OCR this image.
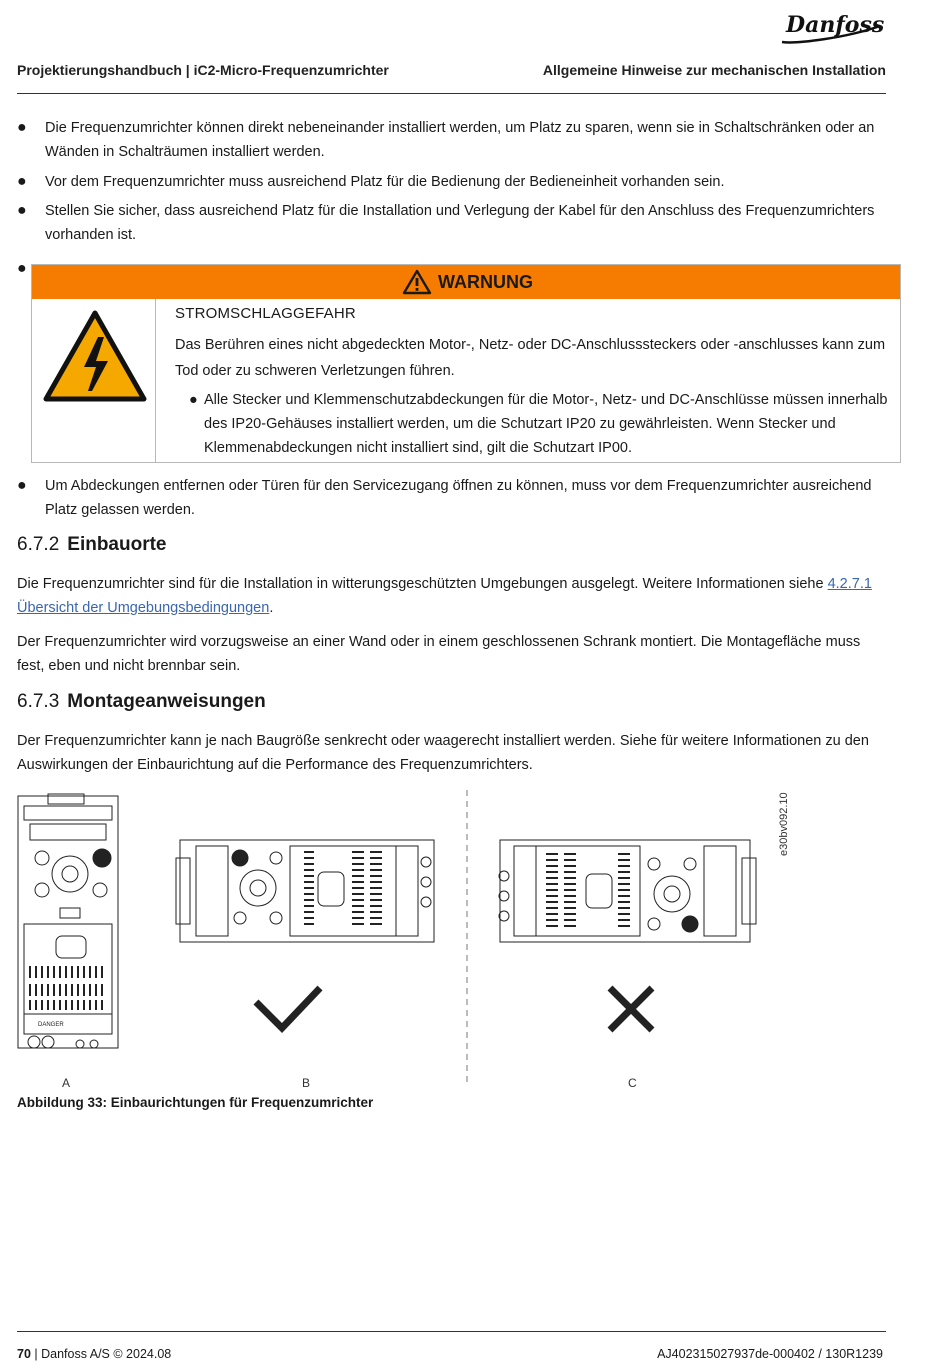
Danfoss
Projektierungshandbuch | iC2-Micro-Frequenzumrichter	Allgemeine Hinweise zur mechanischen Installation
● Die Frequenzumrichter können direkt nebeneinander installiert werden, um Platz zu sparen, wenn sie in Schaltschränken oder an Wänden in Schalträumen installiert werden.
● Vor dem Frequenzumrichter muss ausreichend Platz für die Bedienung der Bedieneinheit vorhanden sein.
● Stellen Sie sicher, dass ausreichend Platz für die Installation und Verlegung der Kabel für den Anschluss des Frequenzumrichters vorhanden ist.
●
WARNUNG
STROMSCHLAGGEFAHR
Das Berühren eines nicht abgedeckten Motor-, Netz- oder DC-Anschlusssteckers oder -anschlusses kann zum Tod oder zu schweren Verletzungen führen.
● Alle Stecker und Klemmenschutzabdeckungen für die Motor-, Netz- und DC-Anschlüsse müssen innerhalb des IP20-Gehäuses installiert werden, um die Schutzart IP20 zu gewährleisten. Wenn Stecker und Klemmenabdeckungen nicht installiert sind, gilt die Schutzart IP00.
● Um Abdeckungen entfernen oder Türen für den Servicezugang öffnen zu können, muss vor dem Frequenzumrichter ausreichend Platz gelassen werden.
6.7.2 Einbauorte
Die Frequenzumrichter sind für die Installation in witterungsgeschützten Umgebungen ausgelegt. Weitere Informationen siehe 4.2.7.1 Übersicht der Umgebungsbedingungen.
Der Frequenzumrichter wird vorzugsweise an einer Wand oder in einem geschlossenen Schrank montiert. Die Montagefläche muss fest, eben und nicht brennbar sein.
6.7.3 Montageanweisungen
Der Frequenzumrichter kann je nach Baugröße senkrecht oder waagerecht installiert werden. Siehe für weitere Informationen zu den Auswirkungen der Einbaurichtung auf die Performance des Frequenzumrichters.
DANGER
A	B	C
e30bv092.10
Abbildung 33: Einbaurichtungen für Frequenzumrichter
70 | Danfoss A/S © 2024.08	AJ402315027937de-000402 / 130R1239
